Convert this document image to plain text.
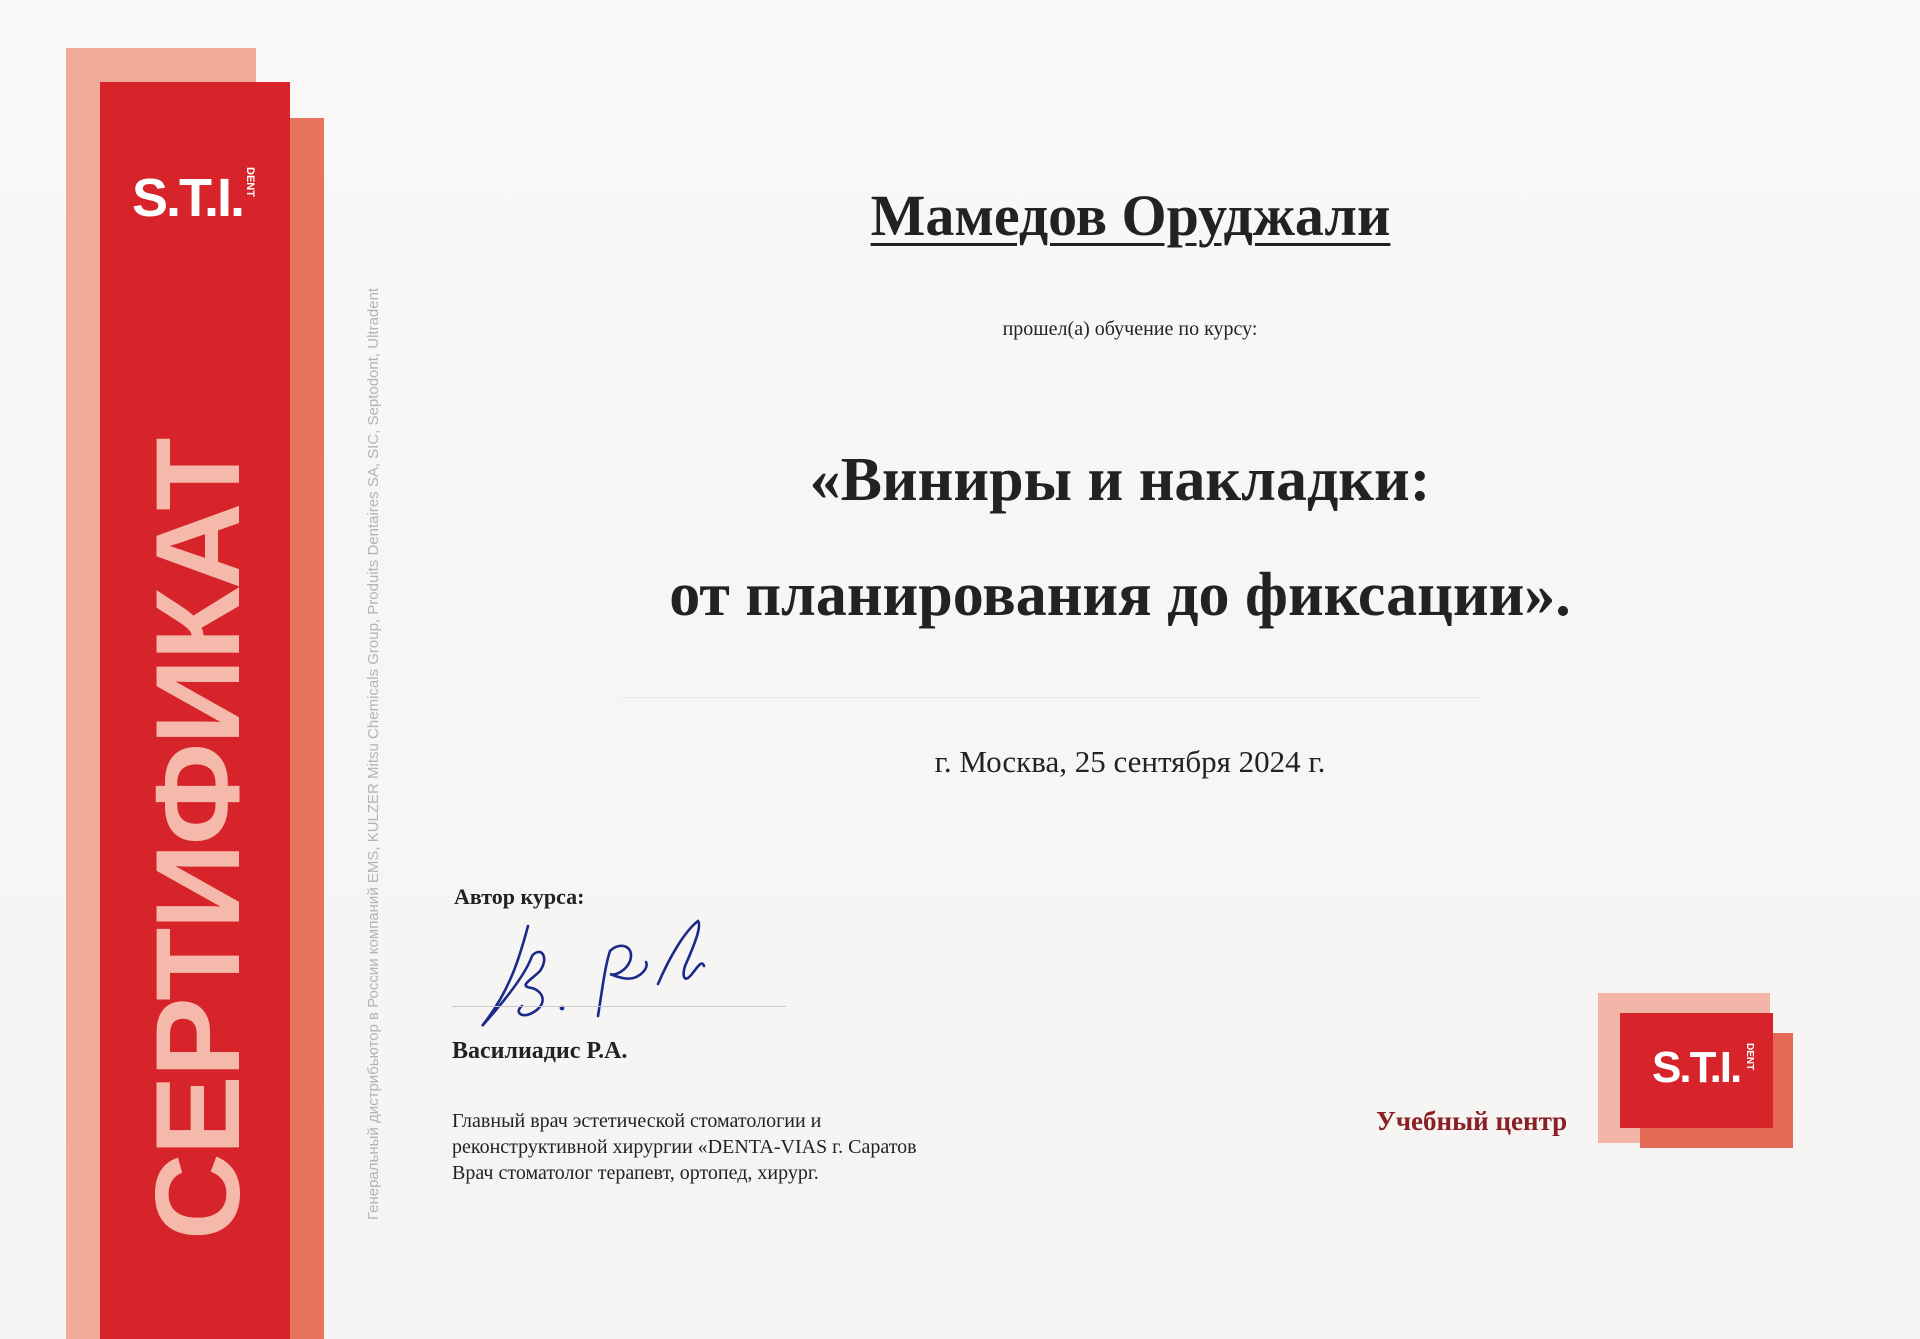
S.T.I. DENT
СЕРТИФИКАТ	Генеральный дистрибьютор в России компаний EMS, KULZER Mitsu Chemicals Group, Produits Dentaires SA, SIC, Septodont, Ultradent
Мамедов Оруджали
прошел(а) обучение по курсу:
«Виниры и накладки:
от планирования до фиксации».
г. Москва, 25 сентября 2024 г.
Автор курса:
Василиадис Р.А.
Главный врач эстетической стоматологии и
реконструктивной хирургии «DENTA-VIAS г. Саратов
Врач стоматолог терапевт, ортопед, хирург.
S.T.I. DENT
Учебный центр
